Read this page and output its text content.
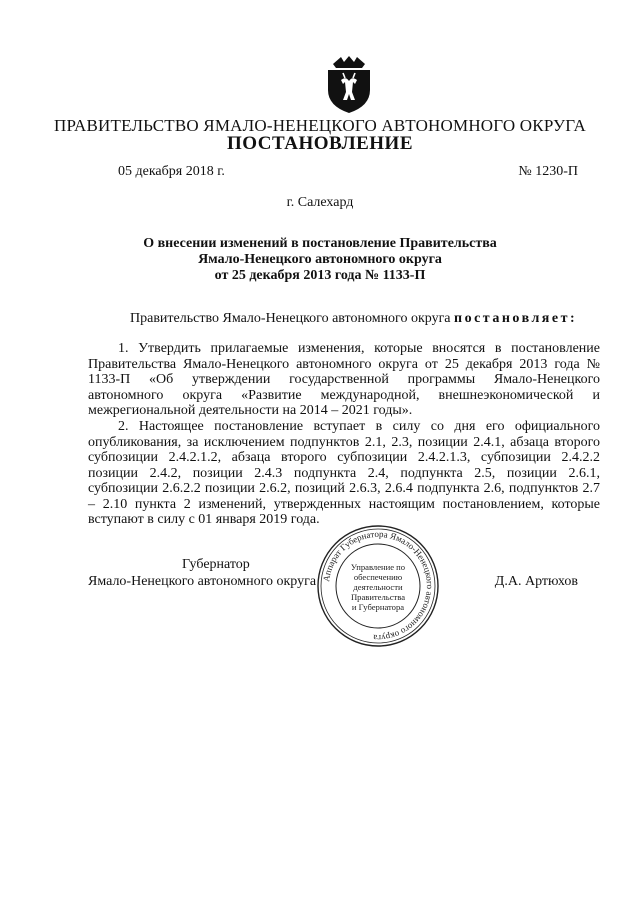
ПРАВИТЕЛЬСТВО ЯМАЛО-НЕНЕЦКОГО АВТОНОМНОГО ОКРУГА
ПОСТАНОВЛЕНИЕ
05 декабря 2018 г.	№ 1230-П
г. Салехард
О внесении изменений в постановление Правительства
Ямало-Ненецкого автономного округа
от 25 декабря 2013 года № 1133-П
Правительство Ямало-Ненецкого автономного округа постановляет:

1. Утвердить прилагаемые изменения, которые вносятся в постановление Правительства Ямало-Ненецкого автономного округа от 25 декабря 2013 года № 1133-П «Об утверждении государственной программы Ямало-Ненецкого автономного округа «Развитие международной, внешнеэкономической и межрегиональной деятельности на 2014 – 2021 годы».

2. Настоящее постановление вступает в силу со дня его официального опубликования, за исключением подпунктов 2.1, 2.3, позиции 2.4.1, абзаца второго субпозиции 2.4.2.1.2, абзаца второго субпозиции 2.4.2.1.3, субпозиции 2.4.2.2 позиции 2.4.2, позиции 2.4.3 подпункта 2.4, подпункта 2.5, позиции 2.6.1, субпозиции 2.6.2.2 позиции 2.6.2, позиций 2.6.3, 2.6.4 подпункта 2.6, подпунктов 2.7 – 2.10 пункта 2 изменений, утвержденных настоящим постановлением, которые вступают в силу с 01 января 2019 года.

Губернатор
Ямало-Ненецкого автономного округа	Д.А. Артюхов
Аппарат Губернатора Ямало-Ненецкого автономного округа
Управление по
обеспечению
деятельности
Правительства
и Губернатора
